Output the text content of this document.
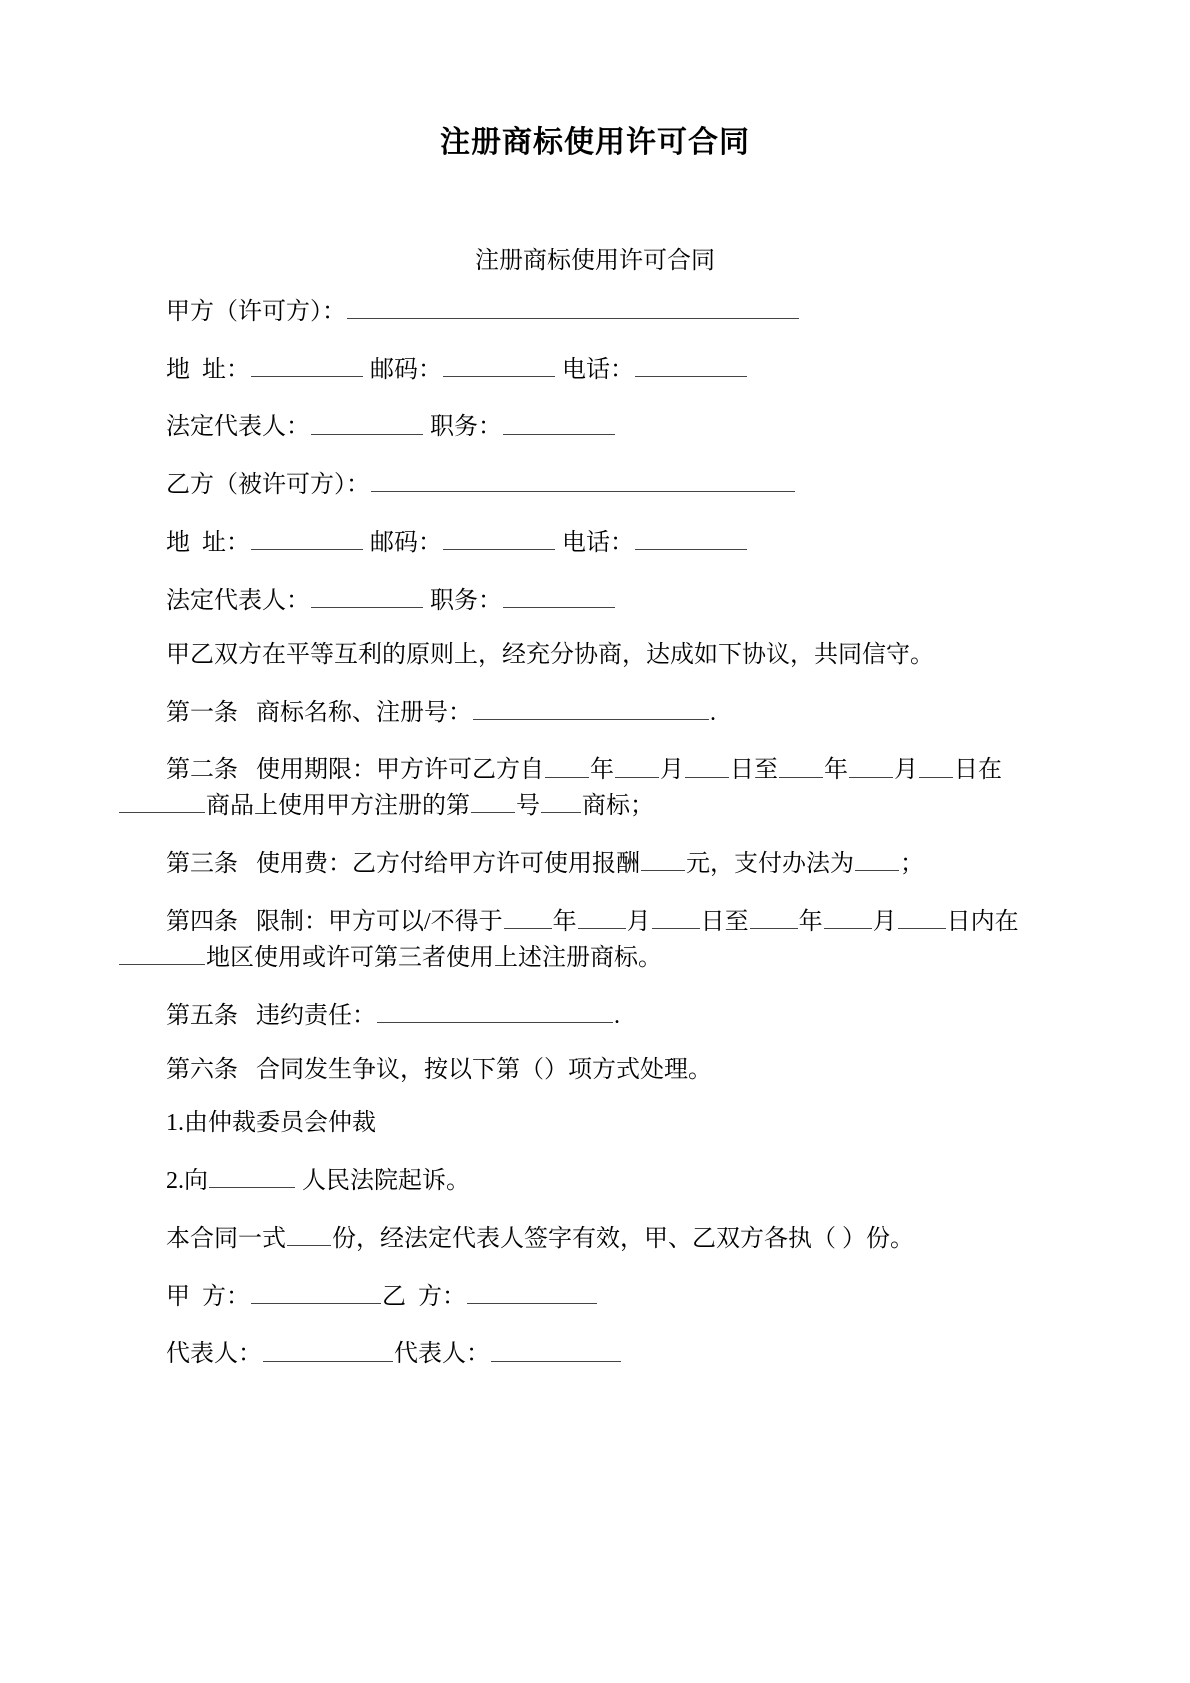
注册商标使用许可合同
注册商标使用许可合同

甲方（许可方）：

地  址：	邮码：	电话：

法定代表人：	职务：

乙方（被许可方）：

地  址：	邮码：	电话：

法定代表人：	职务：

甲乙双方在平等互利的原则上，经充分协商，达成如下协议，共同信守。

第一条 商标名称、注册号：	.

第二条 使用期限：甲方许可乙方自 年 月 日至 年 月 日在商品上使用甲方注册的第 号 商标；

第三条 使用费：乙方付给甲方许可使用报酬 元，支付办法为 ；

第四条 限制：甲方可以/不得于 年 月 日至 年 月 日内在地区使用或许可第三者使用上述注册商标。

第五条 违约责任：	.

第六条 合同发生争议，按以下第（）项方式处理。

1.由仲裁委员会仲裁

2.向	人民法院起诉。

本合同一式 份，经法定代表人签字有效，甲、乙双方各执（ ）份。

甲  方：	乙  方：

代表人：	代表人：
